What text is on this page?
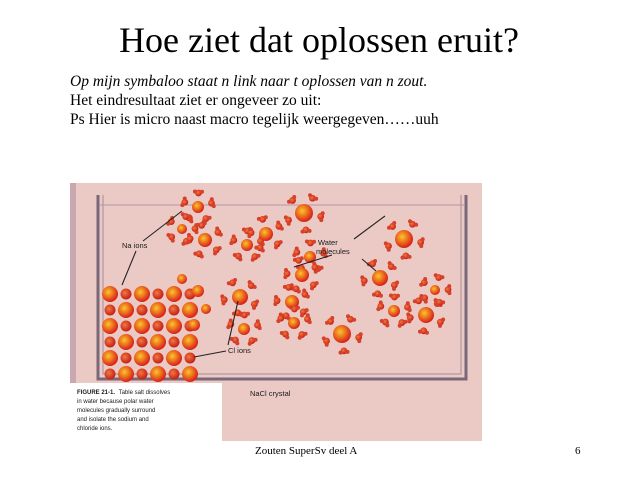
Hoe ziet dat oplossen eruit?
Op mijn symbaloo staat n link naar t oplossen van n zout.
Het eindresultaat ziet er ongeveer zo uit:
Ps Hier is micro naast macro tegelijk weergegeven……uuh
Na ions	Water
molecules
Cl ions
NaCl crystal
FIGURE 21-1. Table salt dissolves
in water because polar water
molecules gradually surround
and isolate the sodium and
chloride ions.
Zouten SuperSv deel A	6
